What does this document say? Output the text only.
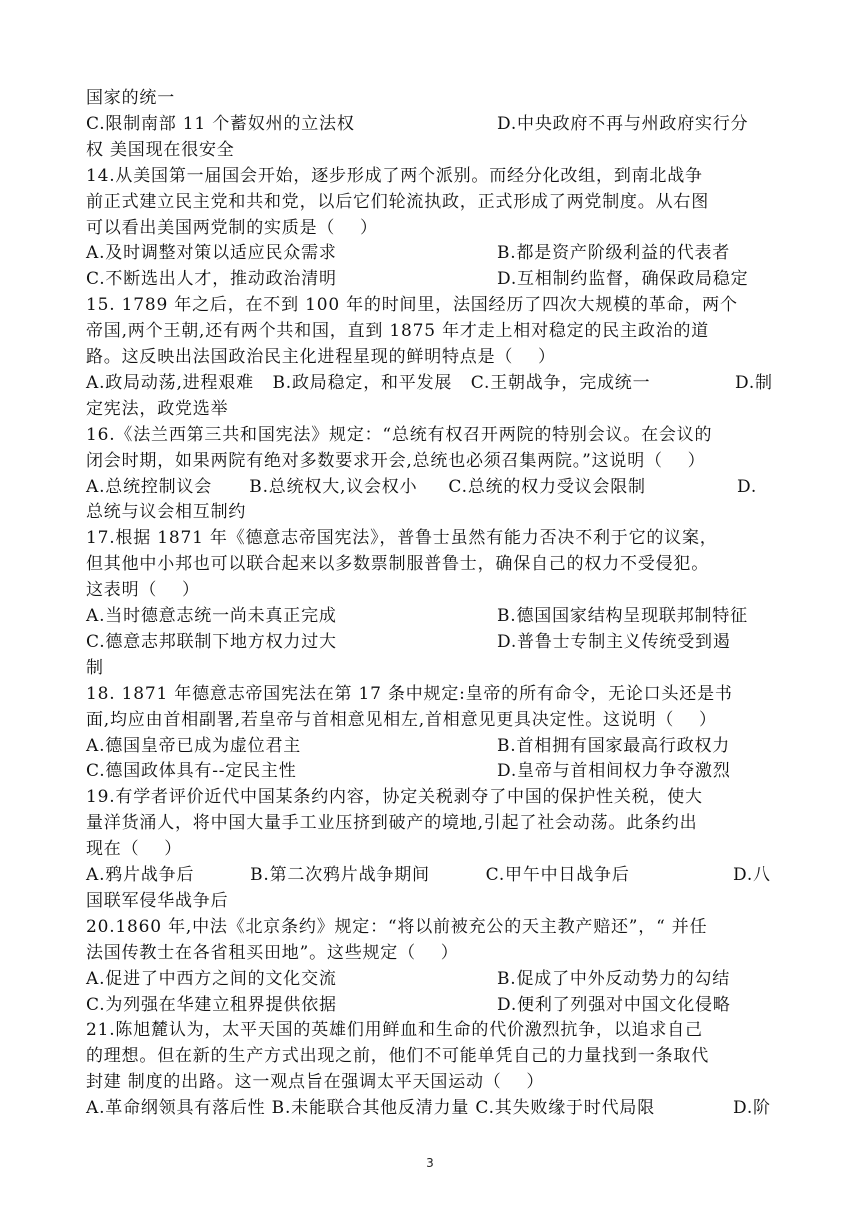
国家的统一
权 美国现在很安全
14.从美国第一届国会开始，逐步形成了两个派别。而经分化改组，到南北战争
前正式建立民主党和共和党，以后它们轮流执政，正式形成了两党制度。从右图
可以看出美国两党制的实质是（    ）
15. 1789 年之后，在不到 100 年的时间里，法国经历了四次大规模的革命，两个
帝国,两个王朝,还有两个共和国，直到 1875 年才走上相对稳定的民主政治的道
路。这反映出法国政治民主化进程星现的鲜明特点是（    ）
定宪法，政党选举
16.《法兰西第三共和国宪法》规定：“总统有权召开两院的特别会议。在会议的
闭会时期，如果两院有绝对多数要求开会,总统也必须召集两院。”这说明（    ）
总统与议会相互制约
17.根据 1871 年《德意志帝国宪法》，普鲁士虽然有能力否决不利于它的议案，
但其他中小邦也可以联合起来以多数票制服普鲁士，确保自己的权力不受侵犯。
这表明（    ）
制
18. 1871 年德意志帝国宪法在第 17 条中规定:皇帝的所有命令，无论口头还是书
面,均应由首相副署,若皇帝与首相意见相左,首相意见更具决定性。这说明（    ）
19.有学者评价近代中国某条约内容，协定关税剥夺了中国的保护性关税，使大
量洋货涌人，将中国大量手工业压挤到破产的境地,引起了社会动荡。此条约出
现在（    ）
国联军侵华战争后
20.1860 年,中法《北京条约》规定：“将以前被充公的天主教产赔还”，“ 并任
法国传教士在各省租买田地”。这些规定（    ）
21.陈旭麓认为，太平天国的英雄们用鲜血和生命的代价激烈抗争，以追求自己
的理想。但在新的生产方式出现之前，他们不可能单凭自己的力量找到一条取代
封建 制度的出路。这一观点旨在强调太平天国运动（    ）
C.限制南部 11 个蓄奴州的立法权	D.中央政府不再与州政府实行分
A.及时调整对策以适应民众需求	B.都是资产阶级利益的代表者
C.不断选出人才，推动政治清明	D.互相制约监督，确保政局稳定
A.政局动荡,进程艰难   B.政局稳定，和平发展   C.王朝战争，完成统一	D.制
A.总统控制议会      B.总统权大,议会权小     C.总统的权力受议会限制	D.
A.当时德意志统一尚未真正完成	B.德国国家结构呈现联邦制特征
C.德意志邦联制下地方权力过大	D.普鲁士专制主义传统受到遏
A.德国皇帝已成为虚位君主	B.首相拥有国家最高行政权力
C.德国政体具有--定民主性	D.皇帝与首相间权力争夺激烈
A.鸦片战争后         B.第二次鸦片战争期间         C.甲午中日战争后	D.八
A.促进了中西方之间的文化交流	B.促成了中外反动势力的勾结
C.为列强在华建立租界提供依据	D.便利了列强对中国文化侵略
A.革命纲领具有落后性 B.未能联合其他反清力量 C.其失败缘于时代局限	D.阶
3
